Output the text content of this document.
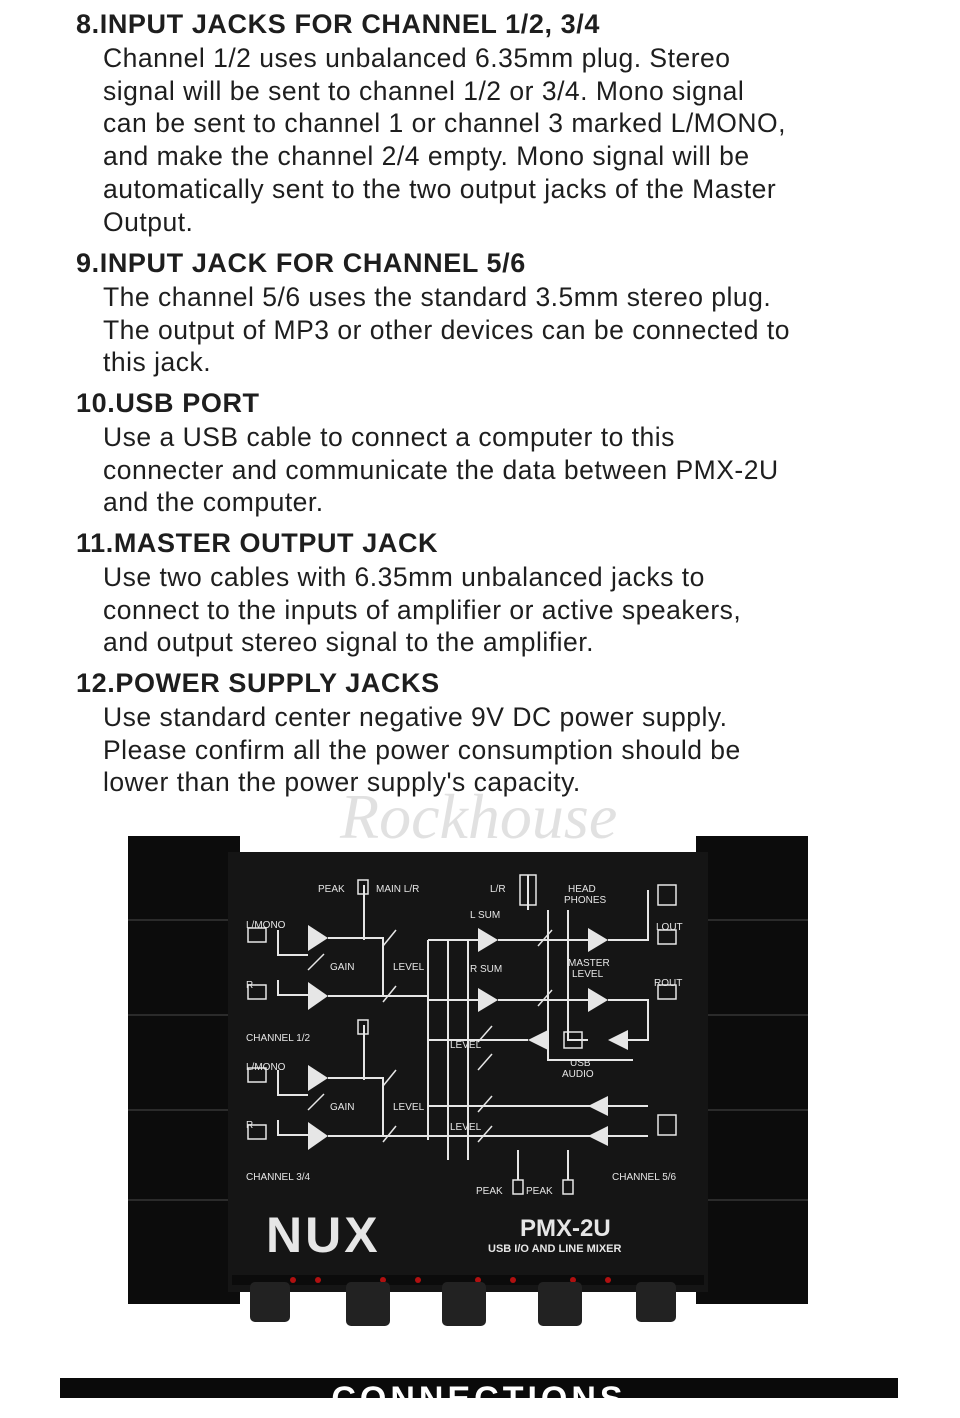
8.INPUT JACKS FOR CHANNEL 1/2, 3/4

Channel 1/2 uses unbalanced 6.35mm plug. Stereo
signal will be sent to channel 1/2 or 3/4. Mono signal
can be sent to channel 1 or channel 3 marked L/MONO,
and make the channel 2/4 empty. Mono signal will be
automatically sent to the two output jacks of the Master
Output.

9.INPUT JACK FOR CHANNEL 5/6

The channel 5/6 uses the standard 3.5mm stereo plug.
The output of MP3 or other devices can be connected to
this jack.

10.USB PORT

Use a USB cable to connect a computer to this
connecter and communicate the data between PMX-2U
and the computer.

11.MASTER OUTPUT JACK

Use two cables with 6.35mm unbalanced jacks to
connect to the inputs of amplifier or active speakers,
and output stereo signal to the amplifier.

12.POWER SUPPLY JACKS

Use standard center negative 9V DC power supply.
Please confirm all the power consumption should be
lower than the power supply's capacity.
PEAK	MAIN L/R	L/R	HEAD
PHONES
L SUM
R SUM
L/MONO
R
GAIN	LEVEL	MASTER
LEVEL
LOUT
ROUT
CHANNEL 1/2
LEVEL
USB
AUDIO
L/MONO
R
GAIN	LEVEL
LEVEL
CHANNEL 3/4	CHANNEL 5/6
PEAK PEAK
NUX	PMX-2U
USB I/O AND LINE MIXER
Rockhouse
CONNECTIONS
